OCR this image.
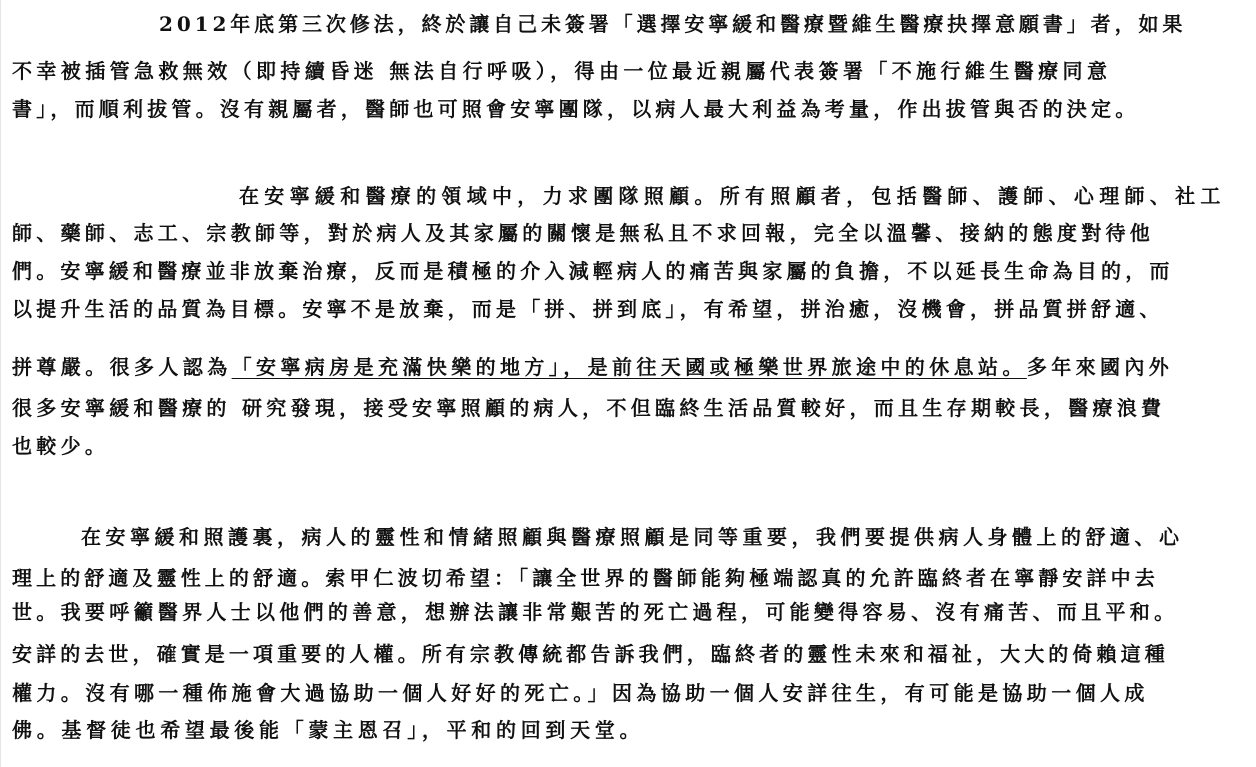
2012年底第三次修法，終於讓自己未簽署「選擇安寧緩和醫療暨維生醫療抉擇意願書」者，如果
不幸被插管急救無效（即持續昏迷 無法自行呼吸），得由一位最近親屬代表簽署「不施行維生醫療同意
書」，而順利拔管。沒有親屬者，醫師也可照會安寧團隊，以病人最大利益為考量，作出拔管與否的決定。
在安寧緩和醫療的領域中，力求團隊照顧。所有照顧者，包括醫師、護師、心理師、社工
師、藥師、志工、宗教師等，對於病人及其家屬的關懷是無私且不求回報，完全以溫馨、接納的態度對待他
們。安寧緩和醫療並非放棄治療，反而是積極的介入減輕病人的痛苦與家屬的負擔，不以延長生命為目的，而
以提升生活的品質為目標。安寧不是放棄，而是「拼、拼到底」，有希望，拼治癒，沒機會，拼品質拼舒適、
拼尊嚴。很多人認為「安寧病房是充滿快樂的地方」，是前往天國或極樂世界旅途中的休息站。多年來國內外
很多安寧緩和醫療的 研究發現，接受安寧照顧的病人，不但臨終生活品質較好，而且生存期較長，醫療浪費
也較少。
在安寧緩和照護裏，病人的靈性和情緒照顧與醫療照顧是同等重要，我們要提供病人身體上的舒適、心
理上的舒適及靈性上的舒適。索甲仁波切希望：「讓全世界的醫師能夠極端認真的允許臨終者在寧靜安詳中去
世。我要呼籲醫界人士以他們的善意，想辦法讓非常艱苦的死亡過程，可能變得容易、沒有痛苦、而且平和。
安詳的去世，確實是一項重要的人權。所有宗教傳統都告訴我們，臨終者的靈性未來和福祉，大大的倚賴這種
權力。沒有哪一種佈施會大過協助一個人好好的死亡。」因為協助一個人安詳往生，有可能是協助一個人成
佛。基督徒也希望最後能「蒙主恩召」，平和的回到天堂。
